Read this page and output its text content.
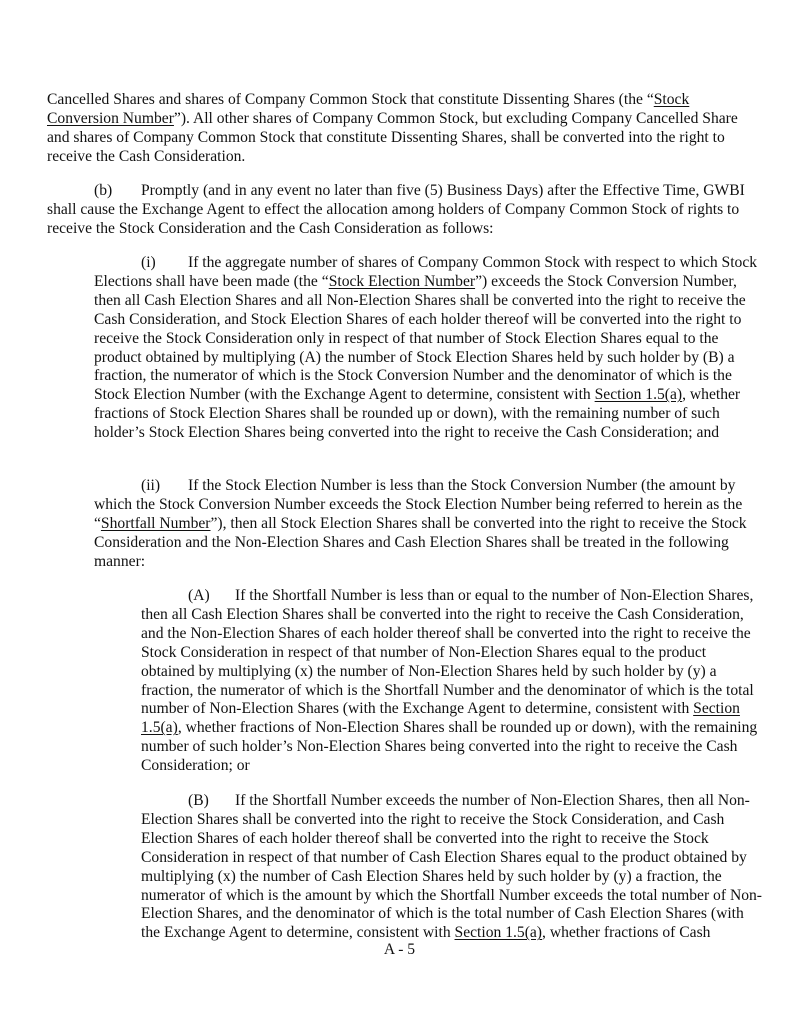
Cancelled Shares and shares of Company Common Stock that constitute Dissenting Shares (the “Stock Conversion Number”). All other shares of Company Common Stock, but excluding Company Cancelled Share and shares of Company Common Stock that constitute Dissenting Shares, shall be converted into the right to receive the Cash Consideration.

(b) Promptly (and in any event no later than five (5) Business Days) after the Effective Time, GWBI shall cause the Exchange Agent to effect the allocation among holders of Company Common Stock of rights to receive the Stock Consideration and the Cash Consideration as follows:

(i) If the aggregate number of shares of Company Common Stock with respect to which Stock Elections shall have been made (the “Stock Election Number”) exceeds the Stock Conversion Number, then all Cash Election Shares and all Non-Election Shares shall be converted into the right to receive the Cash Consideration, and Stock Election Shares of each holder thereof will be converted into the right to receive the Stock Consideration only in respect of that number of Stock Election Shares equal to the product obtained by multiplying (A) the number of Stock Election Shares held by such holder by (B) a fraction, the numerator of which is the Stock Conversion Number and the denominator of which is the Stock Election Number (with the Exchange Agent to determine, consistent with Section 1.5(a), whether fractions of Stock Election Shares shall be rounded up or down), with the remaining number of such holder’s Stock Election Shares being converted into the right to receive the Cash Consideration; and

(ii) If the Stock Election Number is less than the Stock Conversion Number (the amount by which the Stock Conversion Number exceeds the Stock Election Number being referred to herein as the “Shortfall Number”), then all Stock Election Shares shall be converted into the right to receive the Stock Consideration and the Non-Election Shares and Cash Election Shares shall be treated in the following manner:

(A) If the Shortfall Number is less than or equal to the number of Non-Election Shares, then all Cash Election Shares shall be converted into the right to receive the Cash Consideration, and the Non-Election Shares of each holder thereof shall be converted into the right to receive the Stock Consideration in respect of that number of Non-Election Shares equal to the product obtained by multiplying (x) the number of Non-Election Shares held by such holder by (y) a fraction, the numerator of which is the Shortfall Number and the denominator of which is the total number of Non-Election Shares (with the Exchange Agent to determine, consistent with Section 1.5(a), whether fractions of Non-Election Shares shall be rounded up or down), with the remaining number of such holder’s Non-Election Shares being converted into the right to receive the Cash Consideration; or

(B) If the Shortfall Number exceeds the number of Non-Election Shares, then all Non-Election Shares shall be converted into the right to receive the Stock Consideration, and Cash Election Shares of each holder thereof shall be converted into the right to receive the Stock Consideration in respect of that number of Cash Election Shares equal to the product obtained by multiplying (x) the number of Cash Election Shares held by such holder by (y) a fraction, the numerator of which is the amount by which the Shortfall Number exceeds the total number of Non-Election Shares, and the denominator of which is the total number of Cash Election Shares (with the Exchange Agent to determine, consistent with Section 1.5(a), whether fractions of Cash

A - 5
